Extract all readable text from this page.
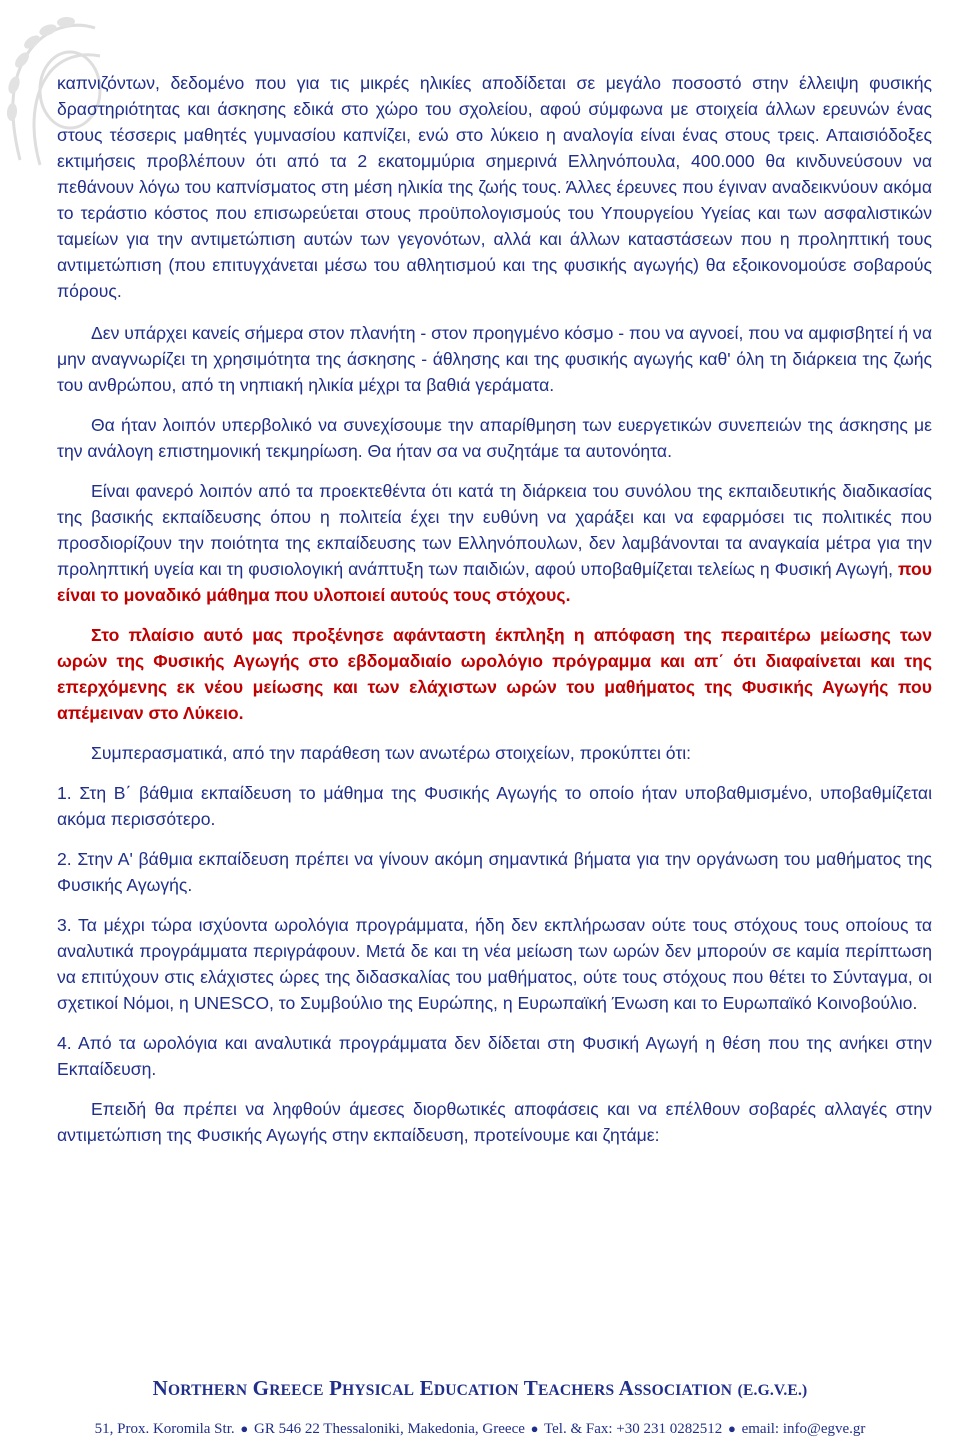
καπνιζόντων, δεδομένο που για τις μικρές ηλικίες αποδίδεται σε μεγάλο ποσοστό στην έλλειψη φυσικής δραστηριότητας και άσκησης εδικά στο χώρο του σχολείου, αφού σύμφωνα με στοιχεία άλλων ερευνών ένας στους τέσσερις μαθητές γυμνασίου καπνίζει, ενώ στο λύκειο η αναλογία είναι ένας στους τρεις. Απαισιόδοξες εκτιμήσεις προβλέπουν ότι από τα 2 εκατομμύρια σημερινά Ελληνόπουλα, 400.000 θα κινδυνεύσουν να πεθάνουν λόγω του καπνίσματος στη μέση ηλικία της ζωής τους. Άλλες έρευνες που έγιναν αναδεικνύουν ακόμα το τεράστιο κόστος που επισωρεύεται στους προϋπολογισμούς του Υπουργείου Υγείας και των ασφαλιστικών ταμείων για την αντιμετώπιση αυτών των γεγονότων, αλλά και άλλων καταστάσεων που η προληπτική τους αντιμετώπιση (που επιτυγχάνεται μέσω του αθλητισμού και της φυσικής αγωγής) θα εξοικονομούσε σοβαρούς πόρους.

Δεν υπάρχει κανείς σήμερα στον πλανήτη - στον προηγμένο κόσμο - που να αγνοεί, που να αμφισβητεί ή να μην αναγνωρίζει τη χρησιμότητα της άσκησης - άθλησης και της φυσικής αγωγής καθ' όλη τη διάρκεια της ζωής του ανθρώπου, από τη νηπιακή ηλικία μέχρι τα βαθιά γεράματα.

Θα ήταν λοιπόν υπερβολικό να συνεχίσουμε την απαρίθμηση των ευεργετικών συνεπειών της άσκησης με την ανάλογη επιστημονική τεκμηρίωση. Θα ήταν σα να συζητάμε τα αυτονόητα.

Είναι φανερό λοιπόν από τα προεκτεθέντα ότι κατά τη διάρκεια του συνόλου της εκπαιδευτικής διαδικασίας της βασικής εκπαίδευσης όπου η πολιτεία έχει την ευθύνη να χαράξει και να εφαρμόσει τις πολιτικές που προσδιορίζουν την ποιότητα της εκπαίδευσης των Ελληνόπουλων, δεν λαμβάνονται τα αναγκαία μέτρα για την προληπτική υγεία και τη φυσιολογική ανάπτυξη των παιδιών, αφού υποβαθμίζεται τελείως η Φυσική Αγωγή, που είναι το μοναδικό μάθημα που υλοποιεί αυτούς τους στόχους.

Στο πλαίσιο αυτό μας προξένησε αφάνταστη έκπληξη η απόφαση της περαιτέρω μείωσης των ωρών της Φυσικής Αγωγής στο εβδομαδιαίο ωρολόγιο πρόγραμμα και απ΄ ότι διαφαίνεται και της επερχόμενης εκ νέου μείωσης και των ελάχιστων ωρών του μαθήματος της Φυσικής Αγωγής που απέμειναν στο Λύκειο.

Συμπερασματικά, από την παράθεση των ανωτέρω στοιχείων, προκύπτει ότι:

1. Στη Β΄ βάθμια εκπαίδευση το μάθημα της Φυσικής Αγωγής το οποίο ήταν υποβαθμισμένο, υποβαθμίζεται ακόμα περισσότερο.

2. Στην Α' βάθμια εκπαίδευση πρέπει να γίνουν ακόμη σημαντικά βήματα για την οργάνωση του μαθήματος της Φυσικής Αγωγής.

3. Τα μέχρι τώρα ισχύοντα ωρολόγια προγράμματα, ήδη δεν εκπλήρωσαν ούτε τους στόχους τους οποίους τα αναλυτικά προγράμματα περιγράφουν. Μετά δε και τη νέα μείωση των ωρών δεν μπορούν σε καμία περίπτωση να επιτύχουν στις ελάχιστες ώρες της διδασκαλίας του μαθήματος, ούτε τους στόχους που θέτει το Σύνταγμα, οι σχετικοί Νόμοι, η UNESCO, το Συμβούλιο της Ευρώπης, η Ευρωπαϊκή Ένωση και το Ευρωπαϊκό Κοινοβούλιο.

4. Από τα ωρολόγια και αναλυτικά προγράμματα δεν δίδεται στη Φυσική Αγωγή η θέση που της ανήκει στην Εκπαίδευση.

Επειδή θα πρέπει να ληφθούν άμεσες διορθωτικές αποφάσεις και να επέλθουν σοβαρές αλλαγές στην αντιμετώπιση της Φυσικής Αγωγής στην εκπαίδευση, προτείνουμε και ζητάμε:

NORTHERN GREECE PHYSICAL EDUCATION TEACHERS ASSOCIATION (E.G.V.E.)
51, Prox. Koromila Str. ● GR 546 22 Thessaloniki, Makedonia, Greece ● Tel. & Fax: +30 231 0282512 ● email: info@egve.gr
